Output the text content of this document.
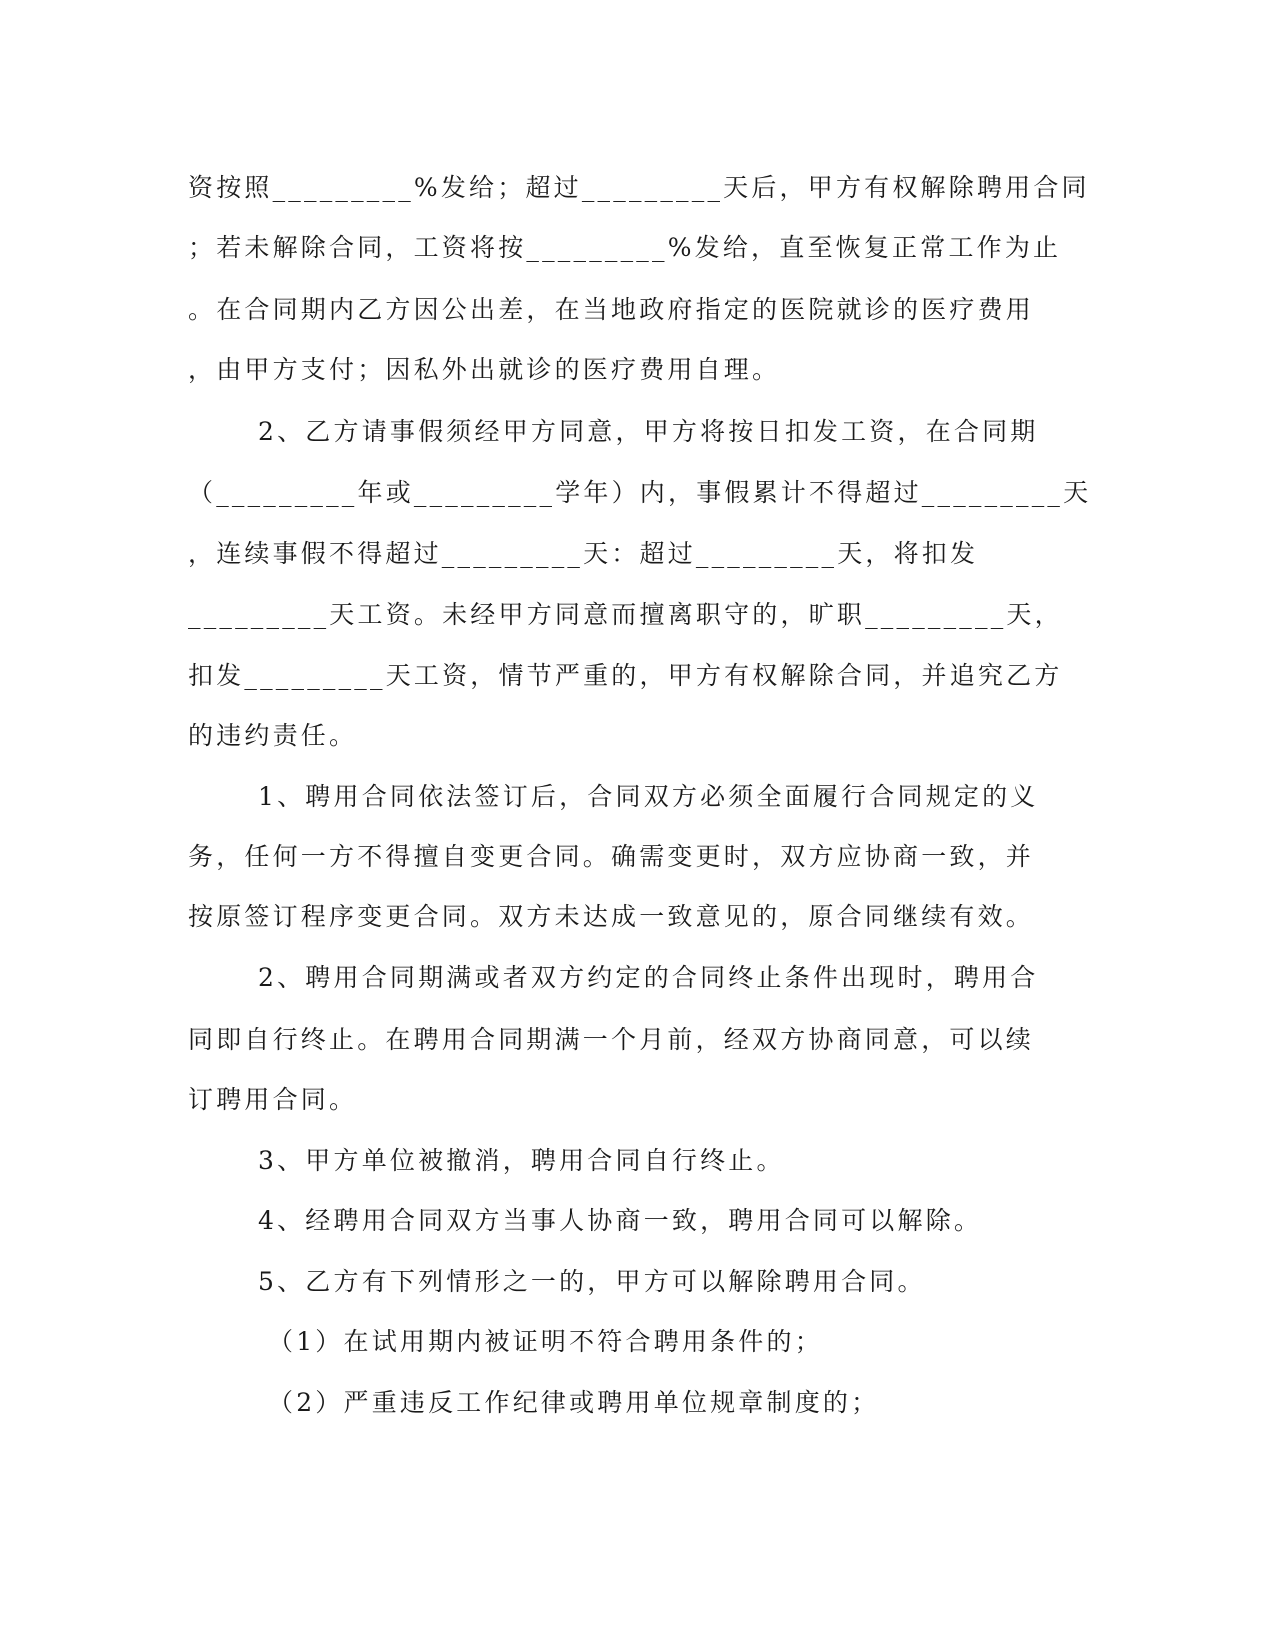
资按照_________%发给；超过_________天后，甲方有权解除聘用合同
；若未解除合同，工资将按_________%发给，直至恢复正常工作为止
。在合同期内乙方因公出差，在当地政府指定的医院就诊的医疗费用
，由甲方支付；因私外出就诊的医疗费用自理。
2、乙方请事假须经甲方同意，甲方将按日扣发工资，在合同期
（_________年或_________学年）内，事假累计不得超过_________天
，连续事假不得超过_________天：超过_________天，将扣发
_________天工资。未经甲方同意而擅离职守的，旷职_________天，
扣发_________天工资，情节严重的，甲方有权解除合同，并追究乙方
的违约责任。
1、聘用合同依法签订后，合同双方必须全面履行合同规定的义
务，任何一方不得擅自变更合同。确需变更时，双方应协商一致，并
按原签订程序变更合同。双方未达成一致意见的，原合同继续有效。
2、聘用合同期满或者双方约定的合同终止条件出现时，聘用合
同即自行终止。在聘用合同期满一个月前，经双方协商同意，可以续
订聘用合同。
3、甲方单位被撤消，聘用合同自行终止。
4、经聘用合同双方当事人协商一致，聘用合同可以解除。
5、乙方有下列情形之一的，甲方可以解除聘用合同。
（1）在试用期内被证明不符合聘用条件的；
（2）严重违反工作纪律或聘用单位规章制度的；
